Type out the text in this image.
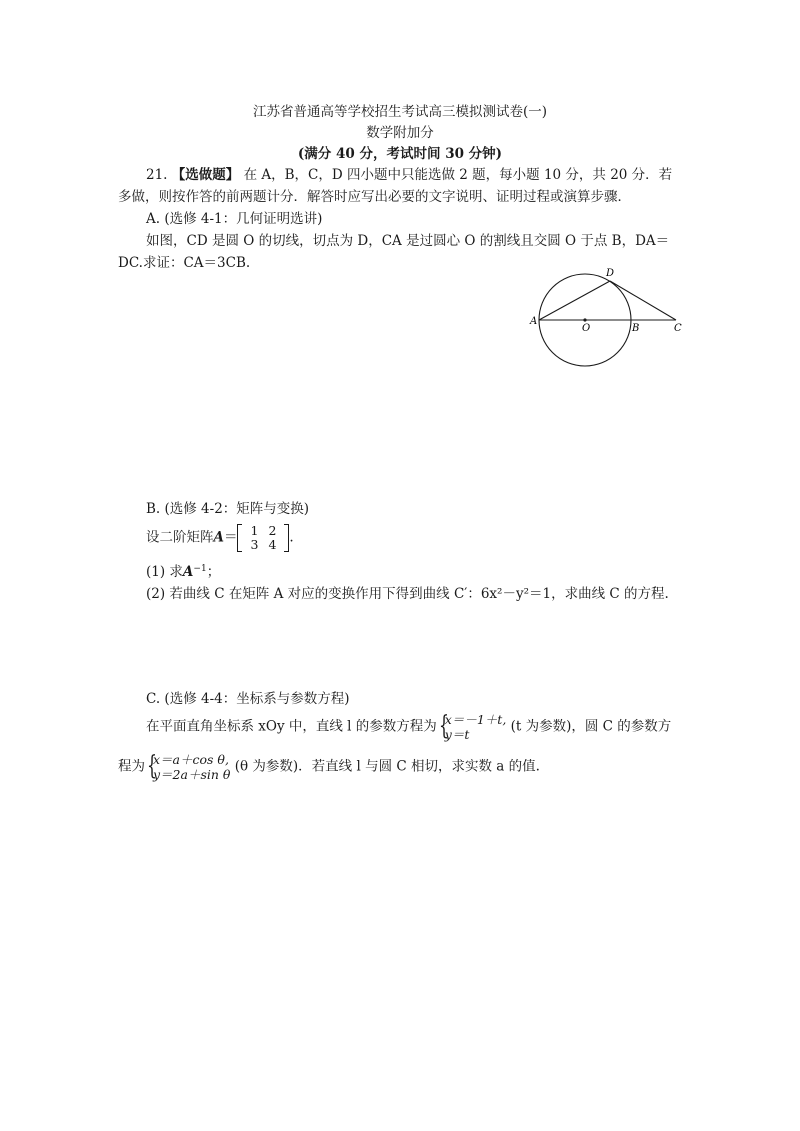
江苏省普通高等学校招生考试高三模拟测试卷(一)
数学附加分
(满分 40 分，考试时间 30 分钟)
21. 【选做题】 在 A，B，C，D 四小题中只能选做 2 题，每小题 10 分，共 20 分．若
多做，则按作答的前两题计分．解答时应写出必要的文字说明、证明过程或演算步骤．
A. (选修 4-1：几何证明选讲)
如图，CD 是圆 O 的切线，切点为 D，CA 是过圆心 O 的割线且交圆 O 于点 B，DA＝
DC.求证：CA＝3CB.
A
O	B	C
D
B. (选修 4-2：矩阵与变换)
设二阶矩阵A＝ 1	2
3	4 .
(1) 求$A^{-1}$；
(2) 若曲线 C 在矩阵 A 对应的变换作用下得到曲线 C′：6x²－y²＝1，求曲线 C 的方程.
C. (选修 4-4：坐标系与参数方程)
在平面直角坐标系 xOy 中，直线 l 的参数方程为 {
x＝－1＋t,
y＝t	(t 为参数)，圆 C 的参数方
程为 {
x＝a＋cos θ,
y＝2a＋sin θ (θ 为参数)．若直线 l 与圆 C 相切，求实数 a 的值.
